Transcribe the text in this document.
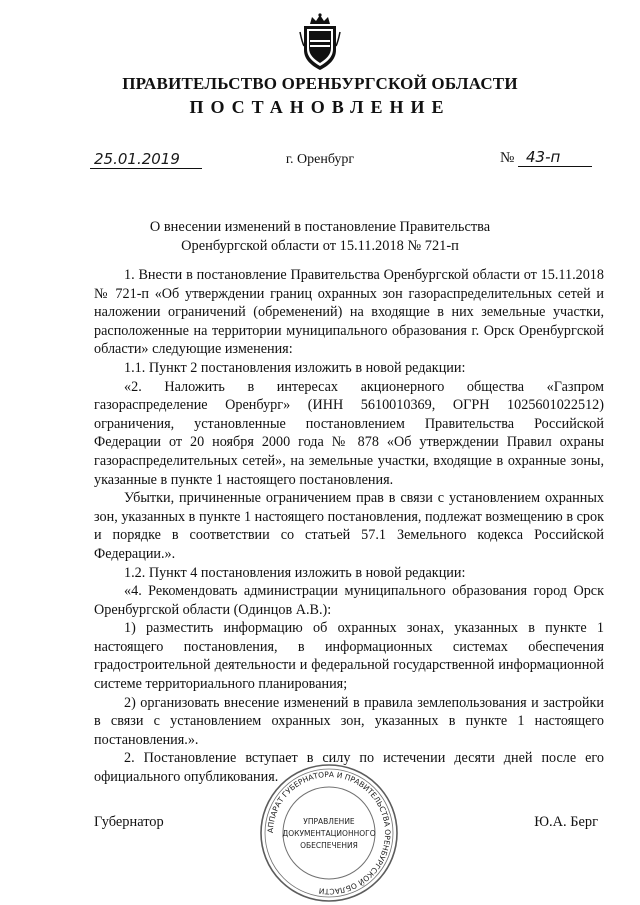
ПРАВИТЕЛЬСТВО ОРЕНБУРГСКОЙ ОБЛАСТИ
ПОСТАНОВЛЕНИЕ
25.01.2019	г. Оренбург	№ 43-п
О внесении изменений в постановление Правительства
Оренбургской области от 15.11.2018 № 721-п

1. Внести в постановление Правительства Оренбургской области от 15.11.2018 № 721-п «Об утверждении границ охранных зон газораспределительных сетей и наложении ограничений (обременений) на входящие в них земельные участки, расположенные на территории муниципального образования г. Орск Оренбургской области» следующие изменения:

1.1. Пункт 2 постановления изложить в новой редакции:

«2. Наложить в интересах акционерного общества «Газпром газораспределение Оренбург» (ИНН 5610010369, ОГРН 1025601022512) ограничения, установленные постановлением Правительства Российской Федерации от 20 ноября 2000 года № 878 «Об утверждении Правил охраны газораспределительных сетей», на земельные участки, входящие в охранные зоны, указанные в пункте 1 настоящего постановления.

Убытки, причиненные ограничением прав в связи с установлением охранных зон, указанных в пункте 1 настоящего постановления, подлежат возмещению в срок и порядке в соответствии со статьей 57.1 Земельного кодекса Российской Федерации.».

1.2. Пункт 4 постановления изложить в новой редакции:

«4. Рекомендовать администрации муниципального образования город Орск Оренбургской области (Одинцов А.В.):

1) разместить информацию об охранных зонах, указанных в пункте 1 настоящего постановления, в информационных системах обеспечения градостроительной деятельности и федеральной государственной информационной системе территориального планирования;

2) организовать внесение изменений в правила землепользования и застройки в связи с установлением охранных зон, указанных в пункте 1 настоящего постановления.».

2. Постановление вступает в силу по истечении десяти дней после его официального опубликования.

АППАРАТ ГУБЕРНАТОРА И ПРАВИТЕЛЬСТВА ОРЕНБУРГСКОЙ ОБЛАСТИ
УПРАВЛЕНИЕ
ДОКУМЕНТАЦИОННОГО
ОБЕСПЕЧЕНИЯ
Губернатор	Ю.А. Берг
